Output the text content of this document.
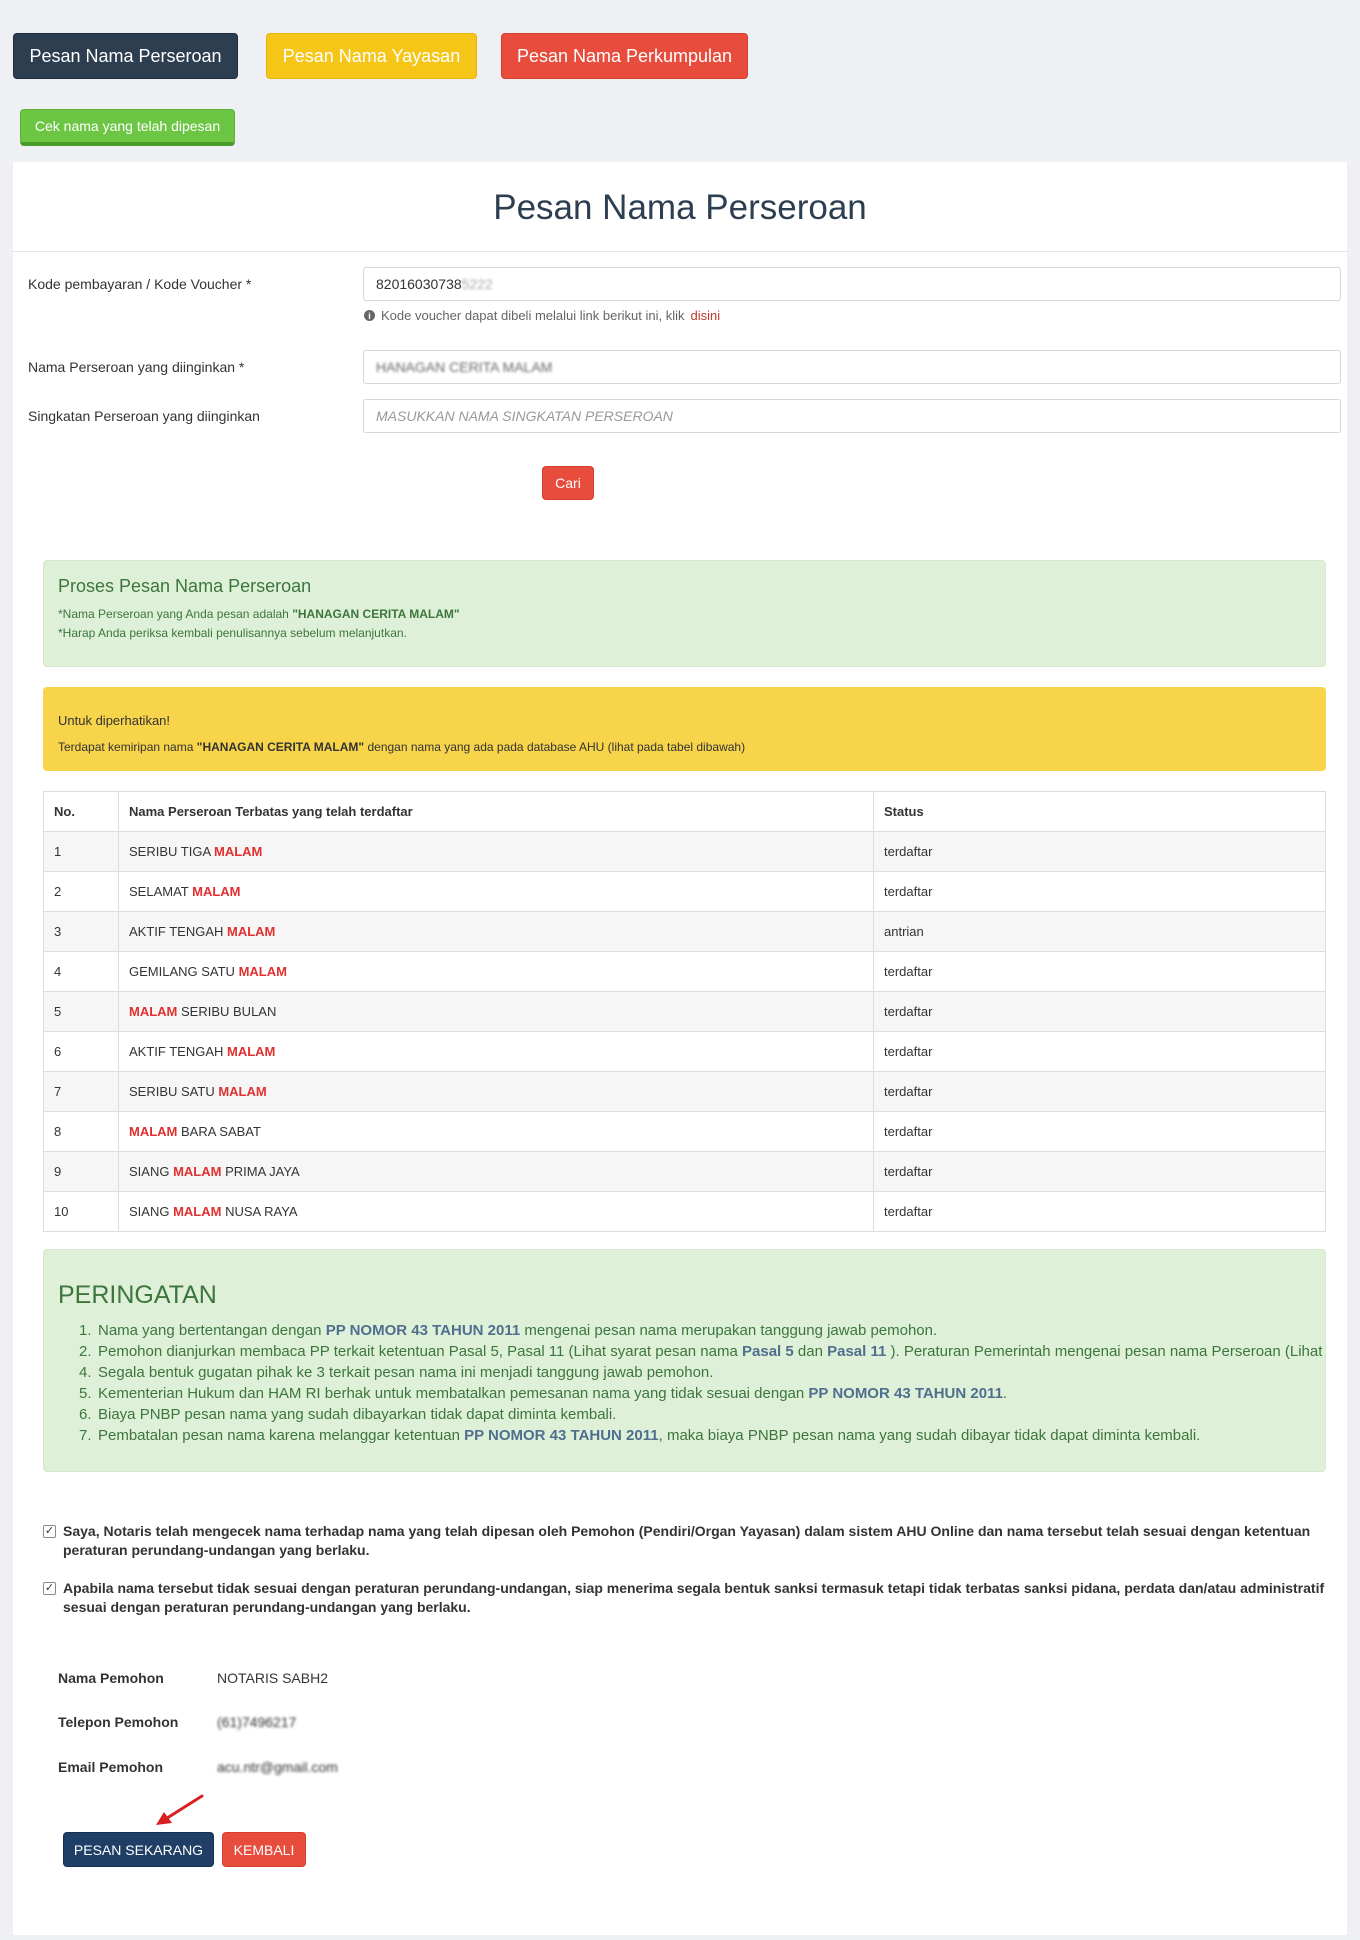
Pesan Nama Perseroan	Pesan Nama Yayasan	Pesan Nama Perkumpulan
Cek nama yang telah dipesan
Pesan Nama Perseroan
Kode pembayaran / Kode Voucher *	82016030738 5222
i Kode voucher dapat dibeli melalui link berikut ini, klik disini
Nama Perseroan yang diinginkan *	HANAGAN CERITA MALAM
Singkatan Perseroan yang diinginkan	MASUKKAN NAMA SINGKATAN PERSEROAN
Cari
Proses Pesan Nama Perseroan
*Nama Perseroan yang Anda pesan adalah "HANAGAN CERITA MALAM"
*Harap Anda periksa kembali penulisannya sebelum melanjutkan.
Untuk diperhatikan!
Terdapat kemiripan nama "HANAGAN CERITA MALAM" dengan nama yang ada pada database AHU (lihat pada tabel dibawah)
No.	Nama Perseroan Terbatas yang telah terdaftar	Status
1	SERIBU TIGA MALAM	terdaftar
2	SELAMAT MALAM	terdaftar
3	AKTIF TENGAH MALAM	antrian
4	GEMILANG SATU MALAM	terdaftar
5	MALAM SERIBU BULAN	terdaftar
6	AKTIF TENGAH MALAM	terdaftar
7	SERIBU SATU MALAM	terdaftar
8	MALAM BARA SABAT	terdaftar
9	SIANG MALAM PRIMA JAYA	terdaftar
10	SIANG MALAM NUSA RAYA	terdaftar
PERINGATAN
1. Nama yang bertentangan dengan PP NOMOR 43 TAHUN 2011 mengenai pesan nama merupakan tanggung jawab pemohon.
2. Pemohon dianjurkan membaca PP terkait ketentuan Pasal 5, Pasal 11 (Lihat syarat pesan nama Pasal 5 dan Pasal 11 ). Peraturan Pemerintah mengenai pesan nama Perseroan (Lihat
4. Segala bentuk gugatan pihak ke 3 terkait pesan nama ini menjadi tanggung jawab pemohon.
5. Kementerian Hukum dan HAM RI berhak untuk membatalkan pemesanan nama yang tidak sesuai dengan PP NOMOR 43 TAHUN 2011.
6. Biaya PNBP pesan nama yang sudah dibayarkan tidak dapat diminta kembali.
7. Pembatalan pesan nama karena melanggar ketentuan PP NOMOR 43 TAHUN 2011, maka biaya PNBP pesan nama yang sudah dibayar tidak dapat diminta kembali.
✓ Saya, Notaris telah mengecek nama terhadap nama yang telah dipesan oleh Pemohon (Pendiri/Organ Yayasan) dalam sistem AHU Online dan nama tersebut telah sesuai dengan ketentuan peraturan perundang-undangan yang berlaku.
✓ Apabila nama tersebut tidak sesuai dengan peraturan perundang-undangan, siap menerima segala bentuk sanksi termasuk tetapi tidak terbatas sanksi pidana, perdata dan/atau administratif sesuai dengan peraturan perundang-undangan yang berlaku.
Nama Pemohon	NOTARIS SABH2
Telepon Pemohon	(61)7496217
Email Pemohon	acu.ntr@gmail.com
PESAN SEKARANG	KEMBALI
